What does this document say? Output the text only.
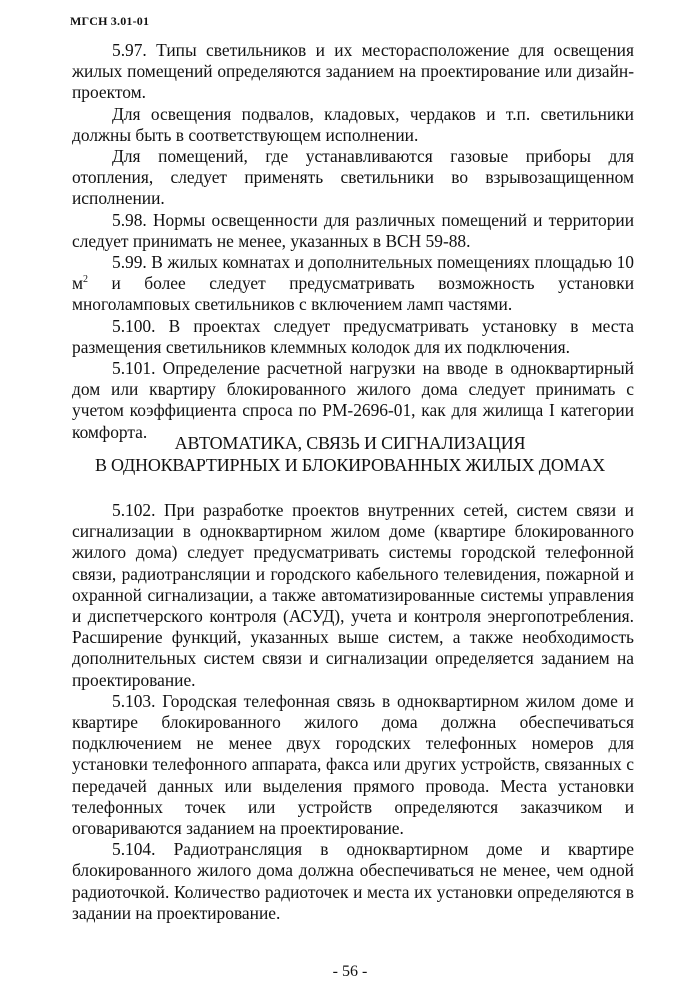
МГСН 3.01-01

5.97. Типы светильников и их месторасположение для освещения жилых помещений определяются заданием на проектирование или дизайн-проектом.

Для освещения подвалов, кладовых, чердаков и т.п. светильники должны быть в соответствующем исполнении.

Для помещений, где устанавливаются газовые приборы для отопления, следует применять светильники во взрывозащищенном исполнении.

5.98. Нормы освещенности для различных помещений и территории следует принимать не менее, указанных в ВСН 59-88.

5.99. В жилых комнатах и дополнительных помещениях площадью 10 $м^2$ и более следует предусматривать возможность установки многоламповых светильников с включением ламп частями.

5.100. В проектах следует предусматривать установку в места размещения светильников клеммных колодок для их подключения.

5.101. Определение расчетной нагрузки на вводе в одноквартирный дом или квартиру блокированного жилого дома следует принимать с учетом коэффициента спроса по РМ-2696-01, как для жилища I категории комфорта.

АВТОМАТИКА, СВЯЗЬ И СИГНАЛИЗАЦИЯ
В ОДНОКВАРТИРНЫХ И БЛОКИРОВАННЫХ ЖИЛЫХ ДОМАХ

5.102. При разработке проектов внутренних сетей, систем связи и сигнализации в одноквартирном жилом доме (квартире блокированного жилого дома) следует предусматривать системы городской телефонной связи, радиотрансляции и городского кабельного телевидения, пожарной и охранной сигнализации, а также автоматизированные системы управления и диспетчерского контроля (АСУД), учета и контроля энергопотребления. Расширение функций, указанных выше систем, а также необходимость дополнительных систем связи и сигнализации определяется заданием на проектирование.

5.103. Городская телефонная связь в одноквартирном жилом доме и квартире блокированного жилого дома должна обеспечиваться подключением не менее двух городских телефонных номеров для установки телефонного аппарата, факса или других устройств, связанных с передачей данных или выделения прямого провода. Места установки телефонных точек или устройств определяются заказчиком и оговариваются заданием на проектирование.

5.104. Радиотрансляция в одноквартирном доме и квартире блокированного жилого дома должна обеспечиваться не менее, чем одной радиоточкой. Количество радиоточек и места их установки определяются в задании на проектирование.

- 56 -
